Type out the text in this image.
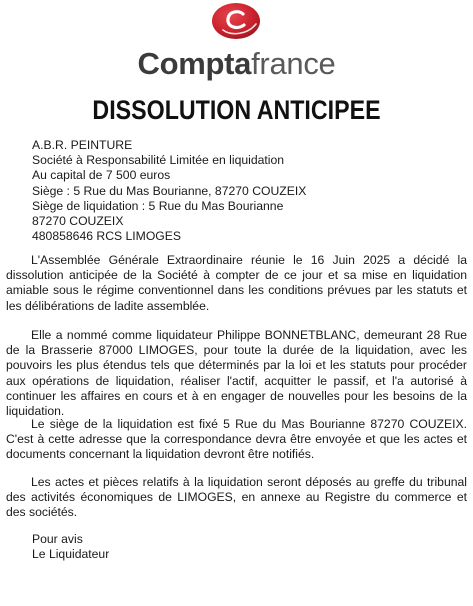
Comptafrance
DISSOLUTION ANTICIPEE
A.B.R. PEINTURE
Société à Responsabilité Limitée en liquidation
Au capital de 7 500 euros
Siège : 5 Rue du Mas Bourianne, 87270 COUZEIX
Siège de liquidation : 5 Rue du Mas Bourianne
87270 COUZEIX
480858646 RCS LIMOGES

L'Assemblée Générale Extraordinaire réunie le 16 Juin 2025 a décidé la dissolution anticipée de la Société à compter de ce jour et sa mise en liquidation amiable sous le régime conventionnel dans les conditions prévues par les statuts et les délibérations de ladite assemblée.

Elle a nommé comme liquidateur Philippe BONNETBLANC, demeurant 28 Rue de la Brasserie 87000 LIMOGES, pour toute la durée de la liquidation, avec les pouvoirs les plus étendus tels que déterminés par la loi et les statuts pour procéder aux opérations de liquidation, réaliser l'actif, acquitter le passif, et l'a autorisé à continuer les affaires en cours et à en engager de nouvelles pour les besoins de la liquidation.

Le siège de la liquidation est fixé 5 Rue du Mas Bourianne 87270 COUZEIX. C'est à cette adresse que la correspondance devra être envoyée et que les actes et documents concernant la liquidation devront être notifiés.

Les actes et pièces relatifs à la liquidation seront déposés au greffe du tribunal des activités économiques de LIMOGES, en annexe au Registre du commerce et des sociétés.

Pour avis
Le Liquidateur
